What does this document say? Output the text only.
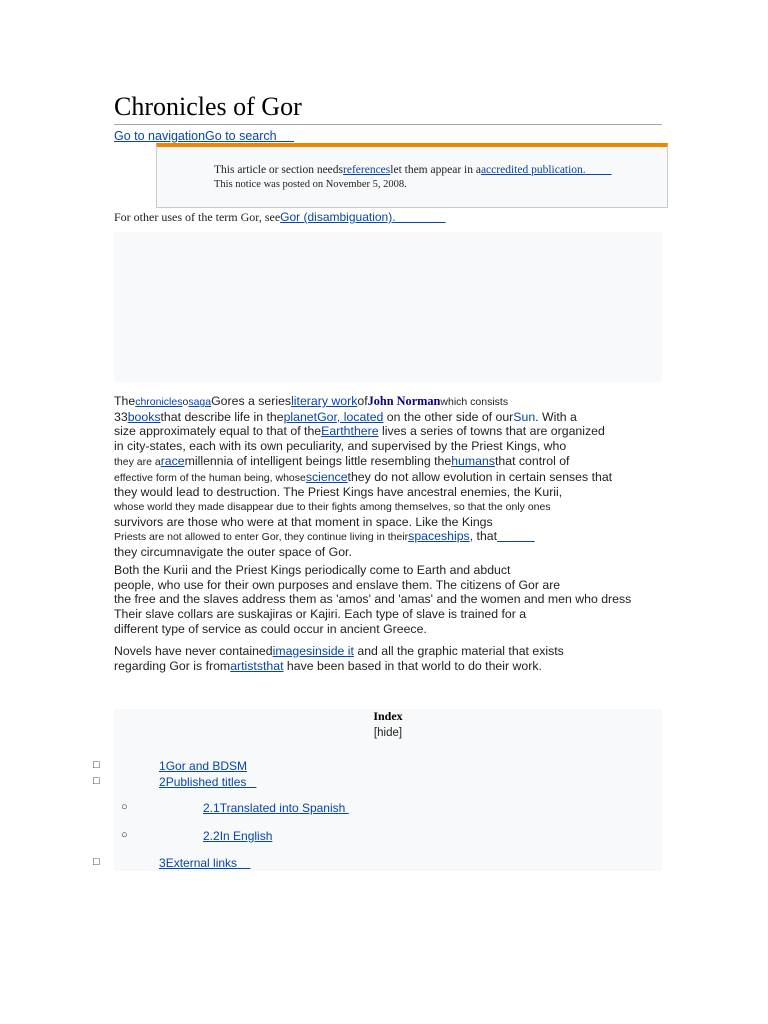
Chronicles of Gor
Go to navigationGo to search
This article or section needsreferenceslet them appear in aaccredited publication.
This notice was posted on November 5, 2008.
For other uses of the term Gor, seeGor (disambiguation).
ThechroniclesosagaGores a seriesliterary workofJohn Normanwhich consists
33booksthat describe life in theplanetGor, located on the other side of ourSun. With a
size approximately equal to that of theEarththere lives a series of towns that are organized
in city-states, each with its own peculiarity, and supervised by the Priest Kings, who
they are aracemillennia of intelligent beings little resembling thehumansthat control of
effective form of the human being, whosesciencethey do not allow evolution in certain senses that
they would lead to destruction. The Priest Kings have ancestral enemies, the Kurii,
whose world they made disappear due to their fights among themselves, so that the only ones
survivors are those who were at that moment in space. Like the Kings
Priests are not allowed to enter Gor, they continue living in theirspaceships, that
they circumnavigate the outer space of Gor.
Both the Kurii and the Priest Kings periodically come to Earth and abduct
people, who use for their own purposes and enslave them. The citizens of Gor are
the free and the slaves address them as 'amos' and 'amas' and the women and men who dress
Their slave collars are suskajiras or Kajiri. Each type of slave is trained for a
different type of service as could occur in ancient Greece.
Novels have never containedimagesinside it and all the graphic material that exists
regarding Gor is fromartiststhat have been based in that world to do their work.
Index
[hide]
□	1Gor and BDSM
□	2Published titles
○	2.1Translated into Spanish
○	2.2In English
□	3External links
